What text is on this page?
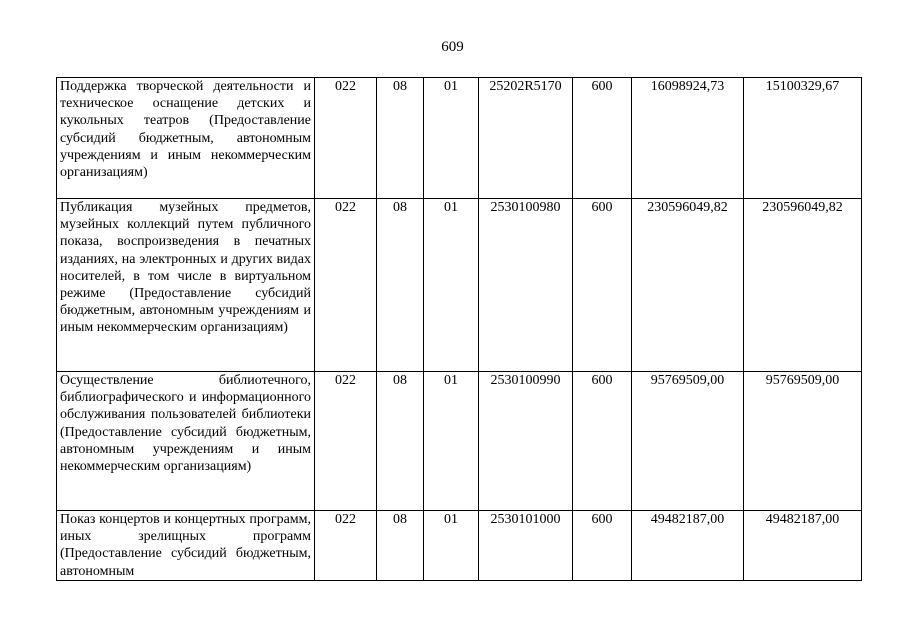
609
Поддержка творческой деятельности и техническое оснащение детских и кукольных театров (Предоставление субсидий бюджетным, автономным учреждениям и иным некоммерческим организациям)	022	08	01	25202R5170	600	16098924,73	15100329,67
Публикация музейных предметов, музейных коллекций путем публичного показа, воспроизведения в печатных изданиях, на электронных и других видах носителей, в том числе в виртуальном режиме (Предоставление субсидий бюджетным, автономным учреждениям и иным некоммерческим организациям)	022	08	01	2530100980	600	230596049,82	230596049,82
Осуществление библиотечного, библиографического и информационного обслуживания пользователей библиотеки (Предоставление субсидий бюджетным, автономным учреждениям и иным некоммерческим организациям)	022	08	01	2530100990	600	95769509,00	95769509,00
Показ концертов и концертных программ, иных зрелищных программ (Предоставление субсидий бюджетным, автономным	022	08	01	2530101000	600	49482187,00	49482187,00
